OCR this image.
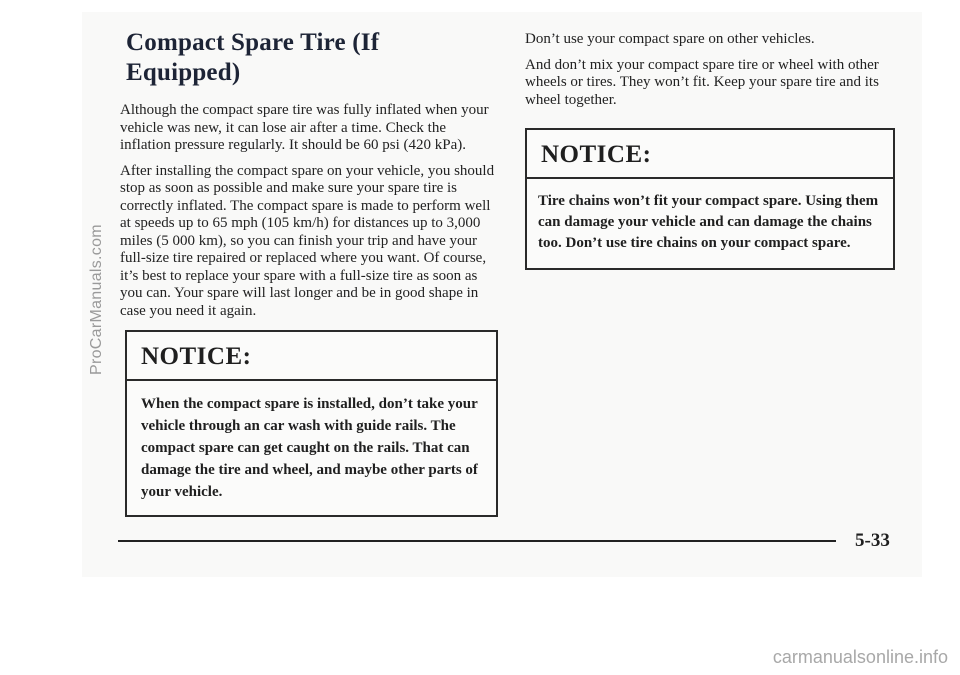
Compact Spare Tire (If Equipped)

Although the compact spare tire was fully inflated when your vehicle was new, it can lose air after a time. Check the inflation pressure regularly. It should be 60 psi (420 kPa).

After installing the compact spare on your vehicle, you should stop as soon as possible and make sure your spare tire is correctly inflated. The compact spare is made to perform well at speeds up to 65 mph (105 km/h) for distances up to 3,000 miles (5 000 km), so you can finish your trip and have your full-size tire repaired or replaced where you want. Of course, it’s best to replace your spare with a full-size tire as soon as you can. Your spare will last longer and be in good shape in case you need it again.

NOTICE:
When the compact spare is installed, don’t take your vehicle through an car wash with guide rails. The compact spare can get caught on the rails. That can damage the tire and wheel, and maybe other parts of your vehicle.

Don’t use your compact spare on other vehicles.

And don’t mix your compact spare tire or wheel with other wheels or tires. They won’t fit. Keep your spare tire and its wheel together.

NOTICE:
Tire chains won’t fit your compact spare. Using them can damage your vehicle and can damage the chains too. Don’t use tire chains on your compact spare.
5-33
ProCarManuals.com
carmanualsonline.info
